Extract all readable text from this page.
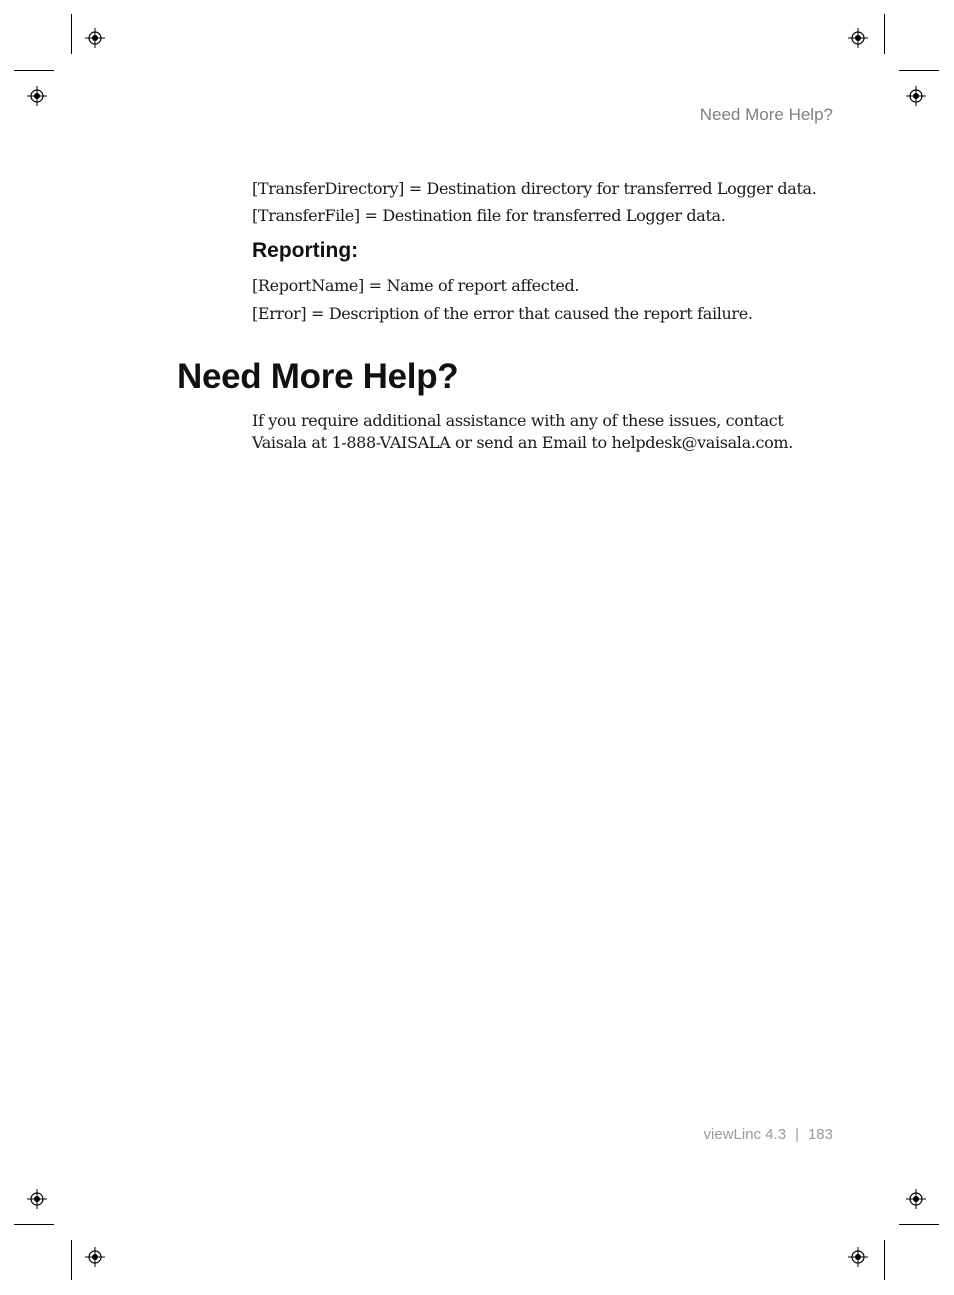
Need More Help?
[TransferDirectory] = Destination directory for transferred Logger data.
[TransferFile] = Destination file for transferred Logger data.
Reporting:
[ReportName] = Name of report affected.
[Error] = Description of the error that caused the report failure.
Need More Help?
If you require additional assistance with any of these issues, contact
Vaisala at 1-888-VAISALA or send an Email to helpdesk@vaisala.com.
viewLinc 4.3 | 183
